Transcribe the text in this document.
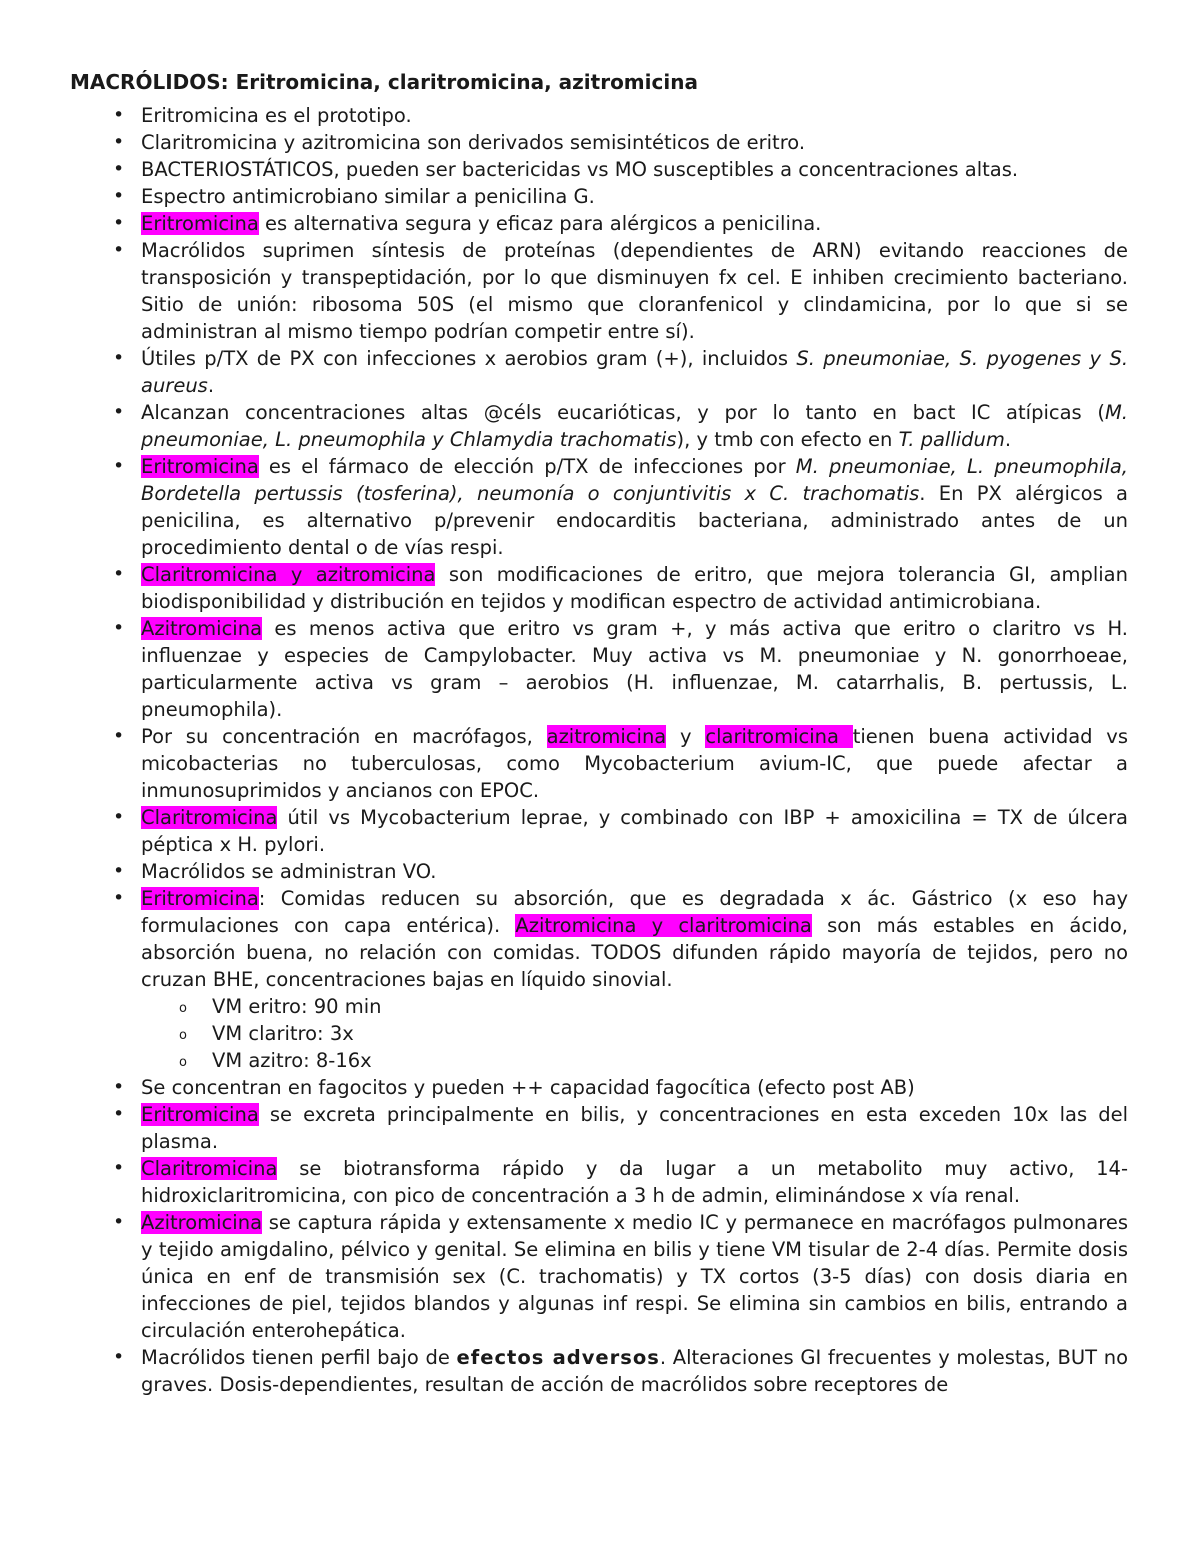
MACRÓLIDOS: Eritromicina, claritromicina, azitromicina
• Eritromicina es el prototipo.
• Claritromicina y azitromicina son derivados semisintéticos de eritro.
• BACTERIOSTÁTICOS, pueden ser bactericidas vs MO susceptibles a concentraciones altas.
• Espectro antimicrobiano similar a penicilina G.
• Eritromicina es alternativa segura y eficaz para alérgicos a penicilina.
• Macrólidos suprimen síntesis de proteínas (dependientes de ARN) evitando reacciones de transposición y transpeptidación, por lo que disminuyen fx cel. E inhiben crecimiento bacteriano. Sitio de unión: ribosoma 50S (el mismo que cloranfenicol y clindamicina, por lo que si se administran al mismo tiempo podrían competir entre sí).
• Útiles p/TX de PX con infecciones x aerobios gram (+), incluidos S. pneumoniae, S. pyogenes y S. aureus.
• Alcanzan concentraciones altas @céls eucarióticas, y por lo tanto en bact IC atípicas (M. pneumoniae, L. pneumophila y Chlamydia trachomatis), y tmb con efecto en T. pallidum.
• Eritromicina es el fármaco de elección p/TX de infecciones por M. pneumoniae, L. pneumophila, Bordetella pertussis (tosferina), neumonía o conjuntivitis x C. trachomatis. En PX alérgicos a penicilina, es alternativo p/prevenir endocarditis bacteriana, administrado antes de un procedimiento dental o de vías respi.
• Claritromicina y azitromicina son modificaciones de eritro, que mejora tolerancia GI, amplian biodisponibilidad y distribución en tejidos y modifican espectro de actividad antimicrobiana.
• Azitromicina es menos activa que eritro vs gram +, y más activa que eritro o claritro vs H. influenzae y especies de Campylobacter. Muy activa vs M. pneumoniae y N. gonorrhoeae, particularmente activa vs gram – aerobios (H. influenzae, M. catarrhalis, B. pertussis, L. pneumophila).
• Por su concentración en macrófagos, azitromicina y claritromicina tienen buena actividad vs micobacterias no tuberculosas, como Mycobacterium avium-IC, que puede afectar a inmunosuprimidos y ancianos con EPOC.
• Claritromicina útil vs Mycobacterium leprae, y combinado con IBP + amoxicilina = TX de úlcera péptica x H. pylori.
• Macrólidos se administran VO.
• Eritromicina: Comidas reducen su absorción, que es degradada x ác. Gástrico (x eso hay formulaciones con capa entérica). Azitromicina y claritromicina son más estables en ácido, absorción buena, no relación con comidas. TODOS difunden rápido mayoría de tejidos, pero no cruzan BHE, concentraciones bajas en líquido sinovial.
o VM eritro: 90 min
o VM claritro: 3x
o VM azitro: 8-16x
• Se concentran en fagocitos y pueden ++ capacidad fagocítica (efecto post AB)
• Eritromicina se excreta principalmente en bilis, y concentraciones en esta exceden 10x las del plasma.
• Claritromicina se biotransforma rápido y da lugar a un metabolito muy activo, 14-hidroxiclaritromicina, con pico de concentración a 3 h de admin, eliminándose x vía renal.
• Azitromicina se captura rápida y extensamente x medio IC y permanece en macrófagos pulmonares y tejido amigdalino, pélvico y genital. Se elimina en bilis y tiene VM tisular de 2-4 días. Permite dosis única en enf de transmisión sex (C. trachomatis) y TX cortos (3-5 días) con dosis diaria en infecciones de piel, tejidos blandos y algunas inf respi. Se elimina sin cambios en bilis, entrando a circulación enterohepática.
• Macrólidos tienen perfil bajo de efectos adversos. Alteraciones GI frecuentes y molestas, BUT no graves. Dosis-dependientes, resultan de acción de macrólidos sobre receptores de
